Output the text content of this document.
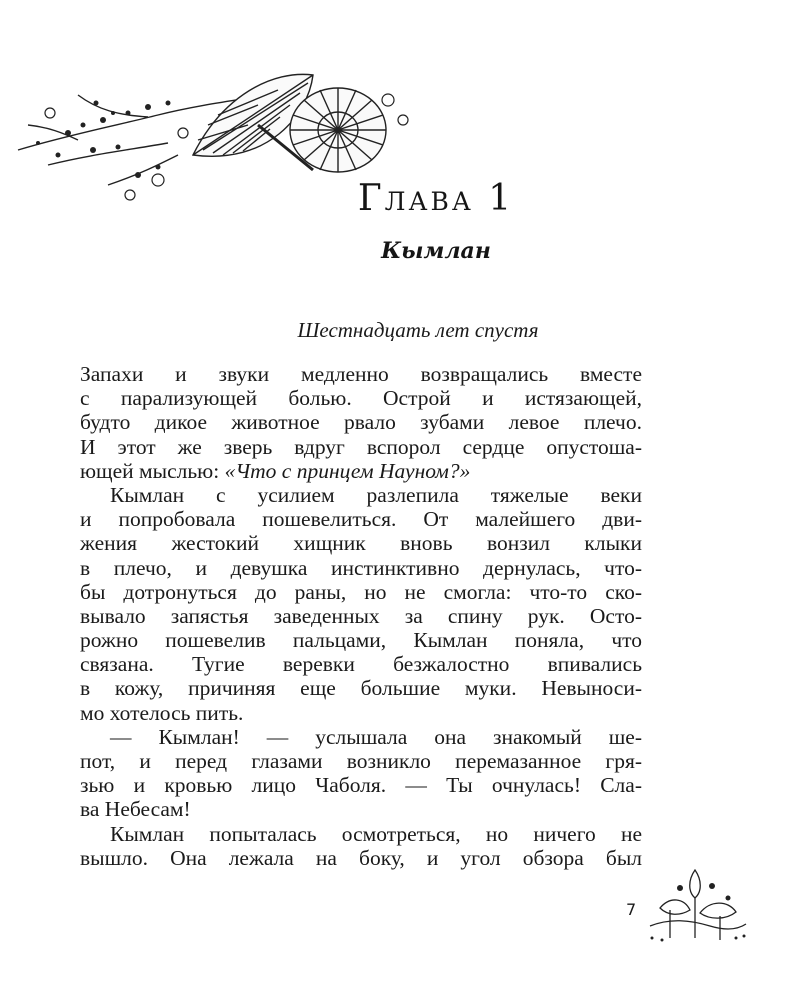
Глава 1
Кымлан
Шестнадцать лет спустя
Запахи и звуки медленно возвращались вместе
с парализующей болью. Острой и истязающей,
будто дикое животное рвало зубами левое плечо.
И этот же зверь вдруг вспорол сердце опустоша-
ющей мыслью: «Что с принцем Науном?»
Кымлан с усилием разлепила тяжелые веки
и попробовала пошевелиться. От малейшего дви-
жения жестокий хищник вновь вонзил клыки
в плечо, и девушка инстинктивно дернулась, что-
бы дотронуться до раны, но не смогла: что-то ско-
вывало запястья заведенных за спину рук. Осто-
рожно пошевелив пальцами, Кымлан поняла, что
связана. Тугие веревки безжалостно впивались
в кожу, причиняя еще большие муки. Невыноси-
мо хотелось пить.
— Кымлан! — услышала она знакомый ше-
пот, и перед глазами возникло перемазанное гря-
зью и кровью лицо Чаболя. — Ты очнулась! Сла-
ва Небесам!
Кымлан попыталась осмотреться, но ничего не
вышло. Она лежала на боку, и угол обзора был
7
